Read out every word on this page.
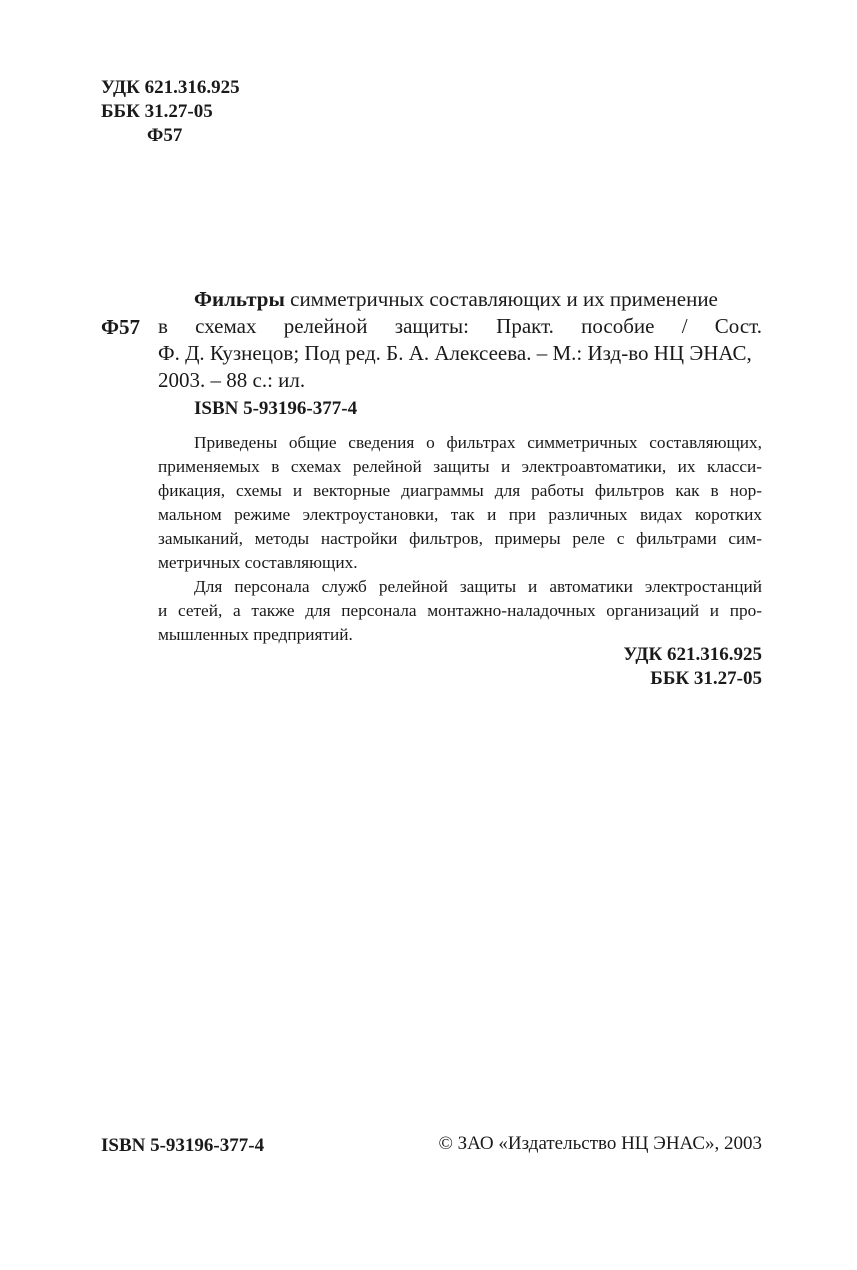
УДК 621.316.925
ББК 31.27-05
Ф57
Ф57
Фильтры симметричных составляющих и их применение
в схемах релейной защиты: Практ. пособие / Сост.
Ф. Д. Кузнецов; Под ред. Б. А. Алексеева. – М.: Изд-во НЦ ЭНАС,
2003. – 88 с.: ил.
ISBN 5-93196-377-4
Приведены общие сведения о фильтрах симметричных составляющих,
применяемых в схемах релейной защиты и электроавтоматики, их класси-
фикация, схемы и векторные диаграммы для работы фильтров как в нор-
мальном режиме электроустановки, так и при различных видах коротких
замыканий, методы настройки фильтров, примеры реле с фильтрами сим-
метричных составляющих.
Для персонала служб релейной защиты и автоматики электростанций
и сетей, а также для персонала монтажно-наладочных организаций и про-
мышленных предприятий.
УДК 621.316.925
ББК 31.27-05
ISBN 5-93196-377-4	© ЗАО «Издательство НЦ ЭНАС», 2003
